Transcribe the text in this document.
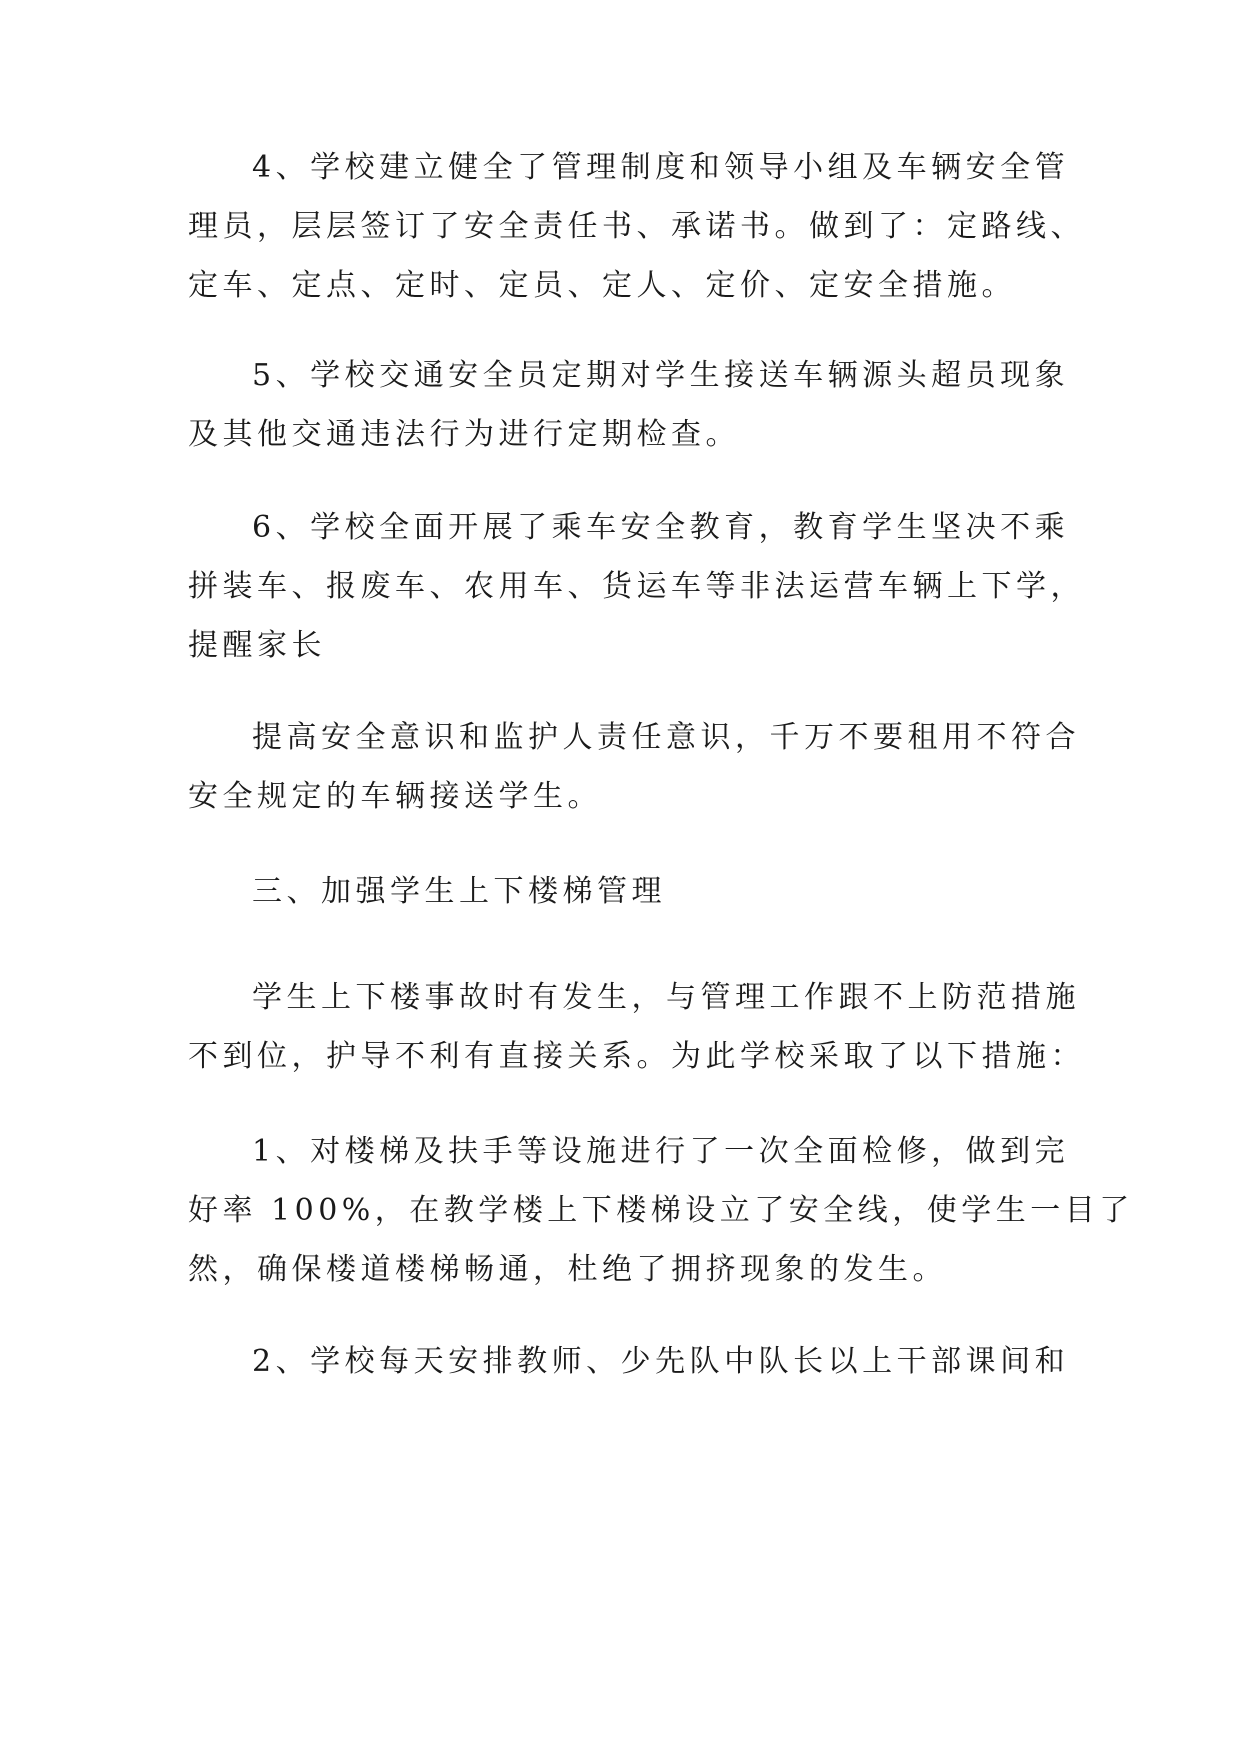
4、学校建立健全了管理制度和领导小组及车辆安全管
理员，层层签订了安全责任书、承诺书。做到了：定路线、
定车、定点、定时、定员、定人、定价、定安全措施。

5、学校交通安全员定期对学生接送车辆源头超员现象
及其他交通违法行为进行定期检查。

6、学校全面开展了乘车安全教育，教育学生坚决不乘
拼装车、报废车、农用车、货运车等非法运营车辆上下学，
提醒家长

提高安全意识和监护人责任意识，千万不要租用不符合
安全规定的车辆接送学生。

三、加强学生上下楼梯管理

学生上下楼事故时有发生，与管理工作跟不上防范措施
不到位，护导不利有直接关系。为此学校采取了以下措施：

1、对楼梯及扶手等设施进行了一次全面检修，做到完
好率 100%，在教学楼上下楼梯设立了安全线，使学生一目了
然，确保楼道楼梯畅通，杜绝了拥挤现象的发生。

2、学校每天安排教师、少先队中队长以上干部课间和
